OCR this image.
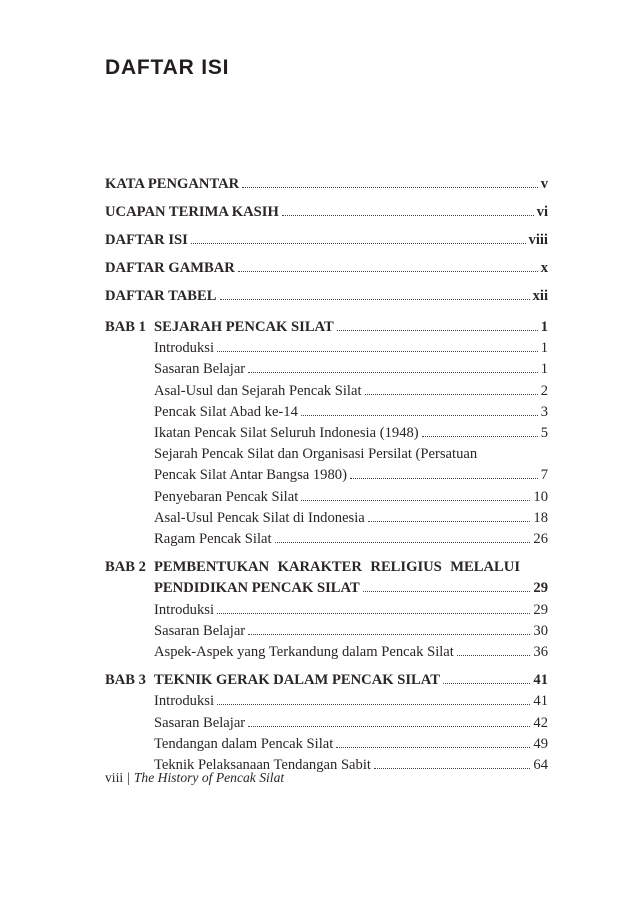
DAFTAR ISI
KATA PENGANTAR	v
UCAPAN TERIMA KASIH	vi
DAFTAR ISI	viii
DAFTAR GAMBAR	x
DAFTAR TABEL	xii
BAB 1 SEJARAH PENCAK SILAT	1
Introduksi	1
Sasaran Belajar	1
Asal-Usul dan Sejarah Pencak Silat	2
Pencak Silat Abad ke-14	3
Ikatan Pencak Silat Seluruh Indonesia (1948)	5
Sejarah Pencak Silat dan Organisasi Persilat (Persatuan
Pencak Silat Antar Bangsa 1980)	7
Penyebaran Pencak Silat	10
Asal-Usul Pencak Silat di Indonesia	18
Ragam Pencak Silat	26
BAB 2 PEMBENTUKAN KARAKTER RELIGIUS MELALUI
PENDIDIKAN PENCAK SILAT	29
Introduksi	29
Sasaran Belajar	30
Aspek-Aspek yang Terkandung dalam Pencak Silat	36
BAB 3 TEKNIK GERAK DALAM PENCAK SILAT	41
Introduksi	41
Sasaran Belajar	42
Tendangan dalam Pencak Silat	49
Teknik Pelaksanaan Tendangan Sabit	64
viii | The History of Pencak Silat
